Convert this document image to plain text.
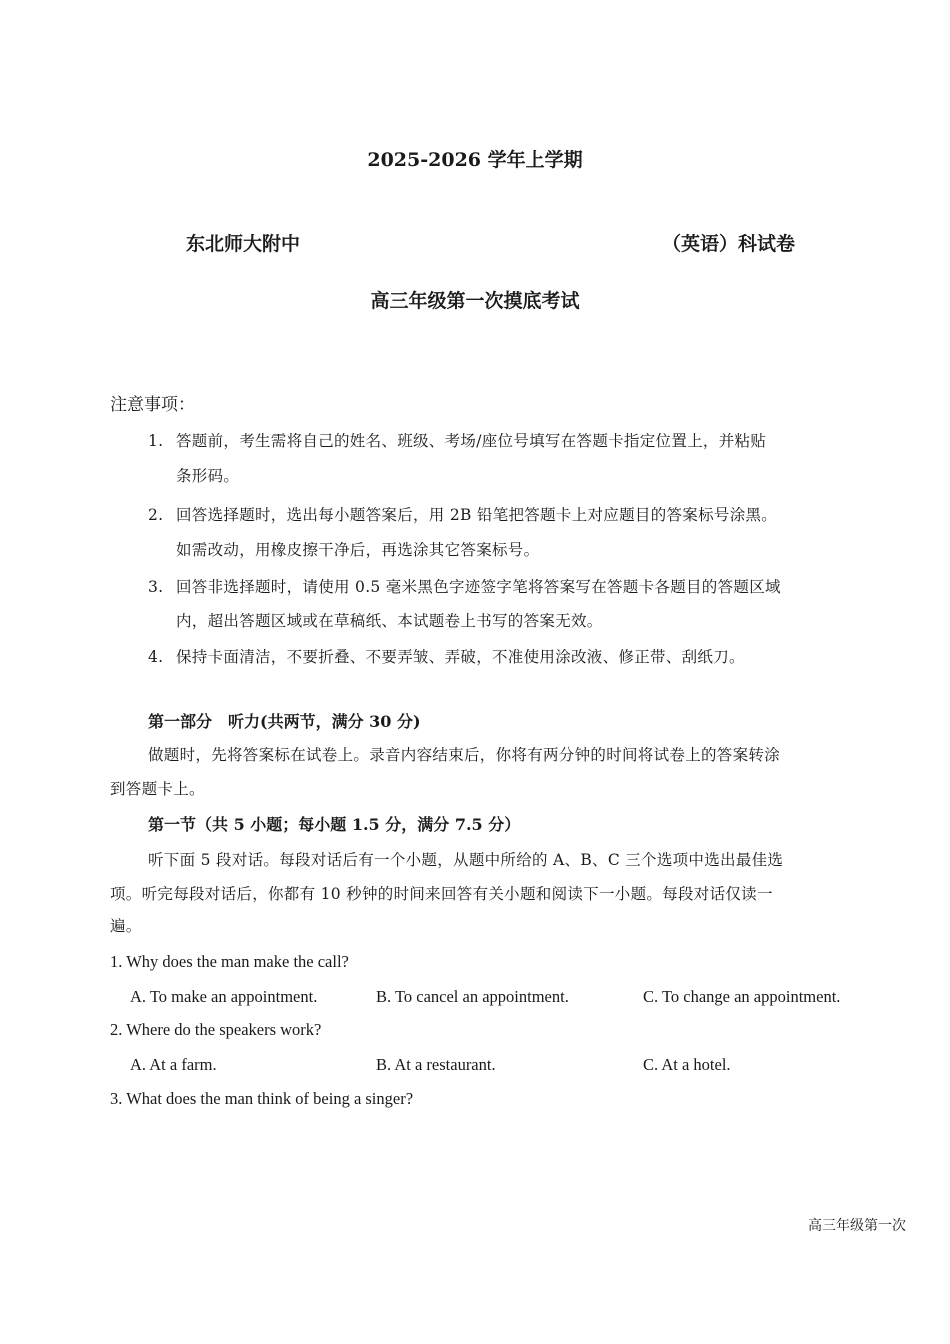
2025-2026 学年上学期
东北师大附中	（英语）科试卷
高三年级第一次摸底考试
注意事项：
1. 答题前，考生需将自己的姓名、班级、考场/座位号填写在答题卡指定位置上，并粘贴
条形码。
2. 回答选择题时，选出每小题答案后，用 2B 铅笔把答题卡上对应题目的答案标号涂黑。
如需改动，用橡皮擦干净后，再选涂其它答案标号。
3. 回答非选择题时，请使用 0.5 毫米黑色字迹签字笔将答案写在答题卡各题目的答题区域
内，超出答题区域或在草稿纸、本试题卷上书写的答案无效。
4. 保持卡面清洁，不要折叠、不要弄皱、弄破，不准使用涂改液、修正带、刮纸刀。
第一部分　听力(共两节，满分 30 分)
做题时，先将答案标在试卷上。录音内容结束后，你将有两分钟的时间将试卷上的答案转涂
到答题卡上。
第一节（共 5 小题；每小题 1.5 分，满分 7.5 分）
听下面 5 段对话。每段对话后有一个小题，从题中所给的 A、B、C 三个选项中选出最佳选
项。听完每段对话后，你都有 10 秒钟的时间来回答有关小题和阅读下一小题。每段对话仅读一
遍。
1. Why does the man make the call?
A. To make an appointment.	B. To cancel an appointment.	C. To change an appointment.
2. Where do the speakers work?
A. At a farm.	B. At a restaurant.	C. At a hotel.
3. What does the man think of being a singer?
高三年级第一次
